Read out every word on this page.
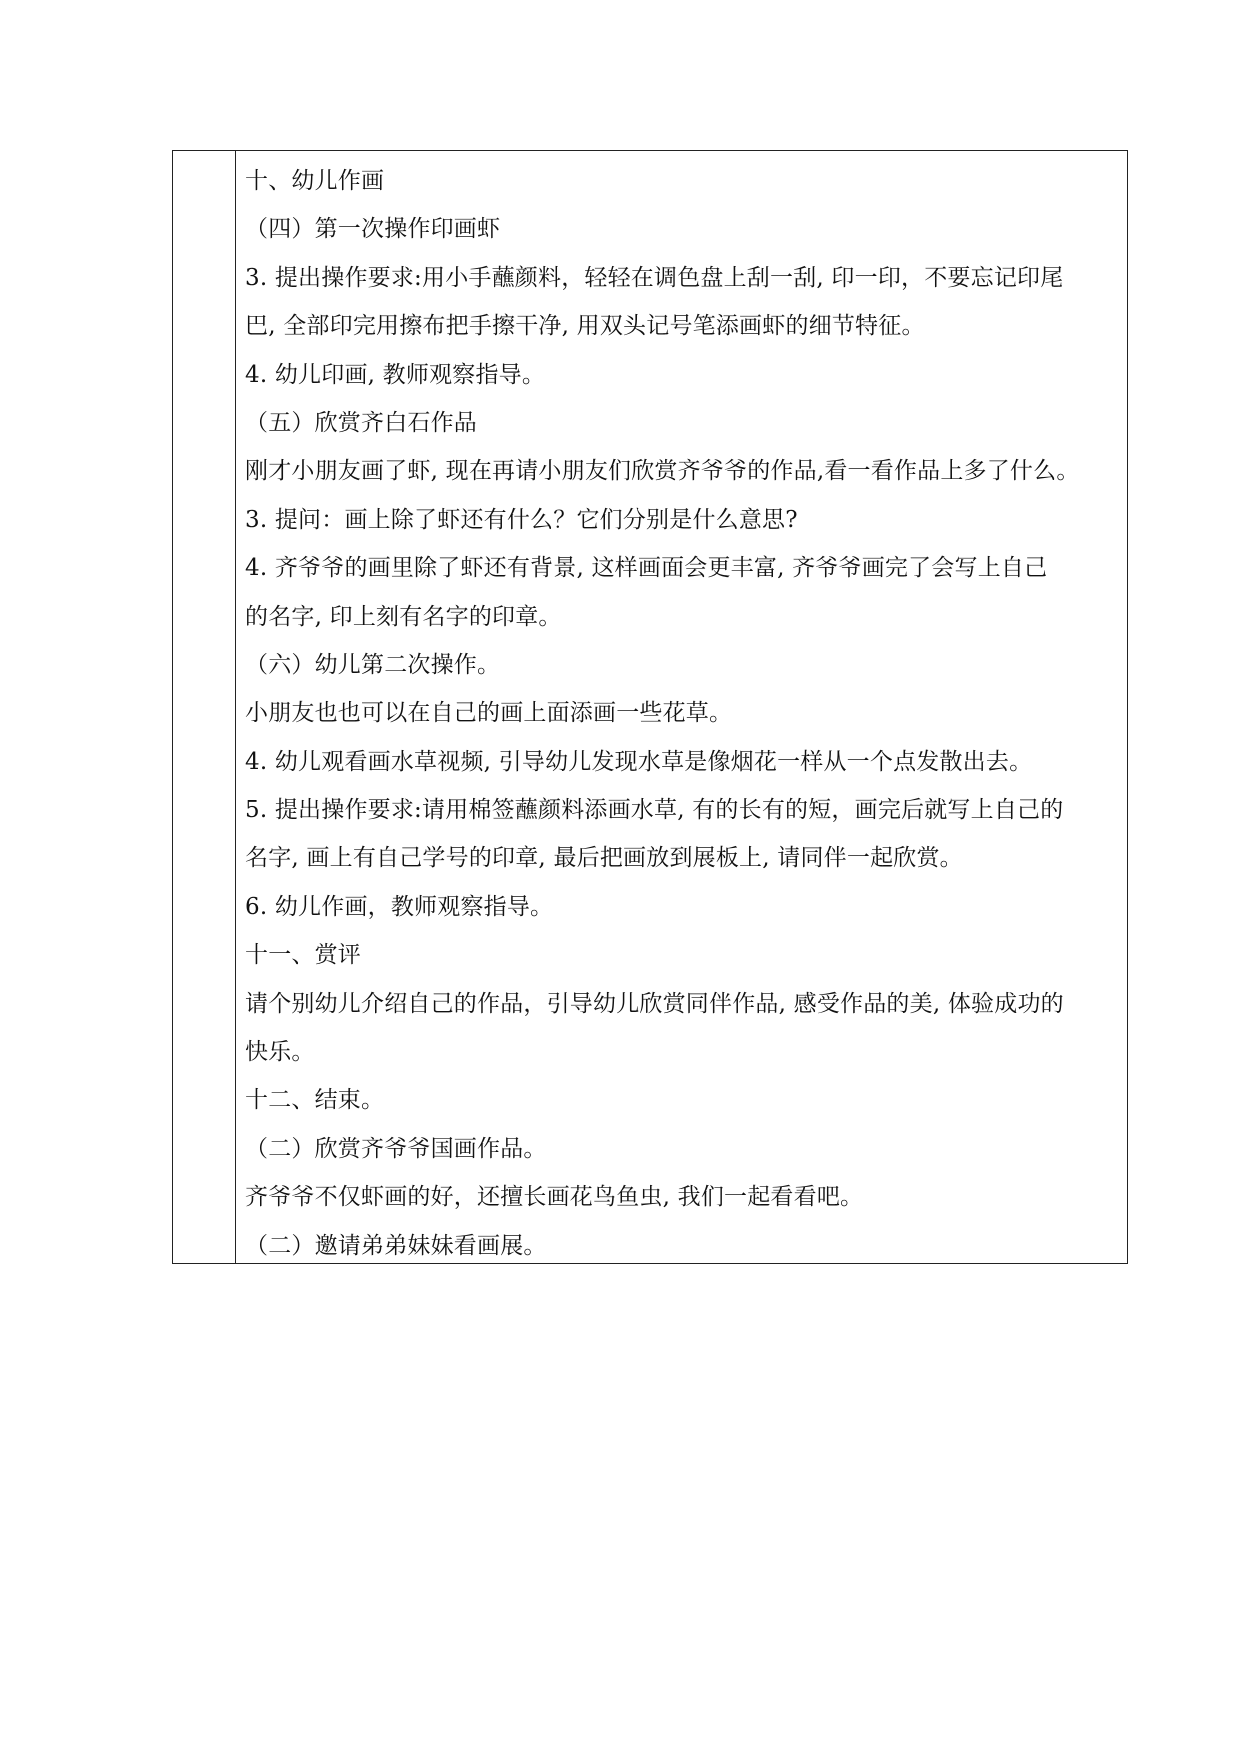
十、幼儿作画
（四）第一次操作印画虾
3. 提出操作要求:用小手蘸颜料，轻轻在调色盘上刮一刮, 印一印，不要忘记印尾
巴, 全部印完用擦布把手擦干净, 用双头记号笔添画虾的细节特征。
4. 幼儿印画, 教师观察指导。
（五）欣赏齐白石作品
刚才小朋友画了虾, 现在再请小朋友们欣赏齐爷爷的作品,看一看作品上多了什么。
3. 提问：画上除了虾还有什么？它们分别是什么意思?
4. 齐爷爷的画里除了虾还有背景, 这样画面会更丰富, 齐爷爷画完了会写上自己
的名字, 印上刻有名字的印章。
（六）幼儿第二次操作。
小朋友也也可以在自己的画上面添画一些花草。
4. 幼儿观看画水草视频, 引导幼儿发现水草是像烟花一样从一个点发散出去。
5. 提出操作要求:请用棉签蘸颜料添画水草, 有的长有的短，画完后就写上自己的
名字, 画上有自己学号的印章, 最后把画放到展板上, 请同伴一起欣赏。
6. 幼儿作画，教师观察指导。
十一、赏评
请个别幼儿介绍自己的作品，引导幼儿欣赏同伴作品, 感受作品的美, 体验成功的
快乐。
十二、结束。
（二）欣赏齐爷爷国画作品。
齐爷爷不仅虾画的好，还擅长画花鸟鱼虫, 我们一起看看吧。
（二）邀请弟弟妹妹看画展。
